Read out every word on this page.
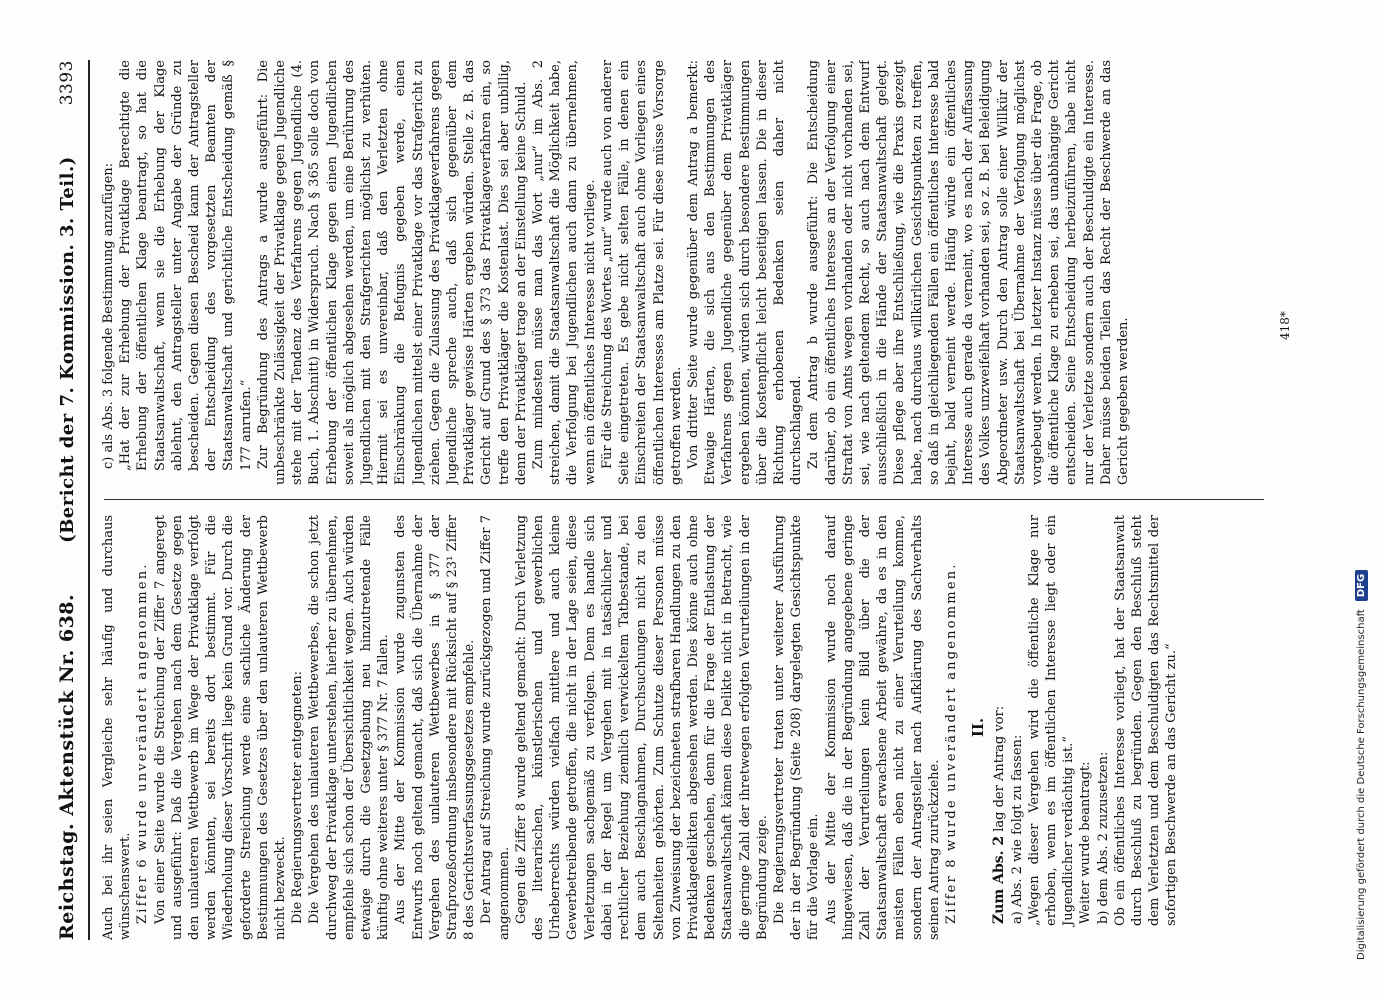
Reichstag. Aktenstück Nr. 638.
(Bericht der 7. Kommission. 3. Teil.)
3393

Auch bei ihr seien Vergleiche sehr häufig und durchaus wünschenswert. Ziffer 6 wurde unverändert angenommen. Von einer Seite wurde die Streichung der Ziffer 7 angeregt und ausgeführt: Daß die Vergehen nach dem Gesetze gegen den unlauteren Wettbewerb im Wege der Privatklage verfolgt werden könnten, sei bereits dort bestimmt. Für die Wiederholung dieser Vorschrift liege kein Grund vor. Durch die geforderte Streichung werde eine sachliche Änderung der Bestimmungen des Gesetzes über den unlauteren Wettbewerb nicht bezweckt. Die Regierungsvertreter entgegneten: Die Vergehen des unlauteren Wettbewerbes, die schon jetzt durchweg der Privatklage unterstehen, hierher zu übernehmen, empfehle sich schon der Übersichtlichkeit wegen. Auch würden etwaige durch die Gesetzgebung neu hinzutretende Fälle künftig ohne weiteres unter § 377 Nr. 7 fallen. Aus der Mitte der Kommission wurde zugunsten des Entwurfs noch geltend gemacht, daß sich die Übernahme der Vergehen des unlauteren Wettbewerbes in § 377 der Strafprozeßordnung insbesondere mit Rücksicht auf § 23¹ Ziffer 8 des Gerichtsverfassungsgesetzes empfehle. Der Antrag auf Streichung wurde zurückgezogen und Ziffer 7 angenommen. Gegen die Ziffer 8 wurde geltend gemacht: Durch Verletzung des literarischen, künstlerischen und gewerblichen Urheberrechts würden vielfach mittlere und auch kleine Gewerbetreibende getroffen, die nicht in der Lage seien, diese Verletzungen sachgemäß zu verfolgen. Denn es handle sich dabei in der Regel um Vergehen mit in tatsächlicher und rechtlicher Beziehung ziemlich verwickeltem Tatbestande, bei dem auch Beschlagnahmen, Durchsuchungen nicht zu den Seltenheiten gehörten. Zum Schutze dieser Personen müsse von Zuweisung der bezeichneten strafbaren Handlungen zu den Privatklagedelikten abgesehen werden. Dies könne auch ohne Bedenken geschehen, denn für die Frage der Entlastung der Staatsanwaltschaft kämen diese Delikte nicht in Betracht, wie die geringe Zahl der ihretwegen erfolgten Verurteilungen in der Begründung zeige. Die Regierungsvertreter traten unter weiterer Ausführung der in der Begründung (Seite 208) dargelegten Gesichtspunkte für die Vorlage ein. Aus der Mitte der Kommission wurde noch darauf hingewiesen, daß die in der Begründung angegebene geringe Zahl der Verurteilungen kein Bild über die der Staatsanwaltschaft erwachsene Arbeit gewähre, da es in den meisten Fällen eben nicht zu einer Verurteilung komme, sondern der Antragsteller nach Aufklärung des Sachverhalts seinen Antrag zurückziehe. Ziffer 8 wurde unverändert angenommen. II.

Zum Abs. 2 lag der Antrag vor: a) Abs. 2 wie folgt zu fassen: „Wegen dieser Vergehen wird die öffentliche Klage nur erhoben, wenn es im öffentlichen Interesse liegt oder ein Jugendlicher verdächtig ist.“ Weiter wurde beantragt: b) dem Abs. 2 zuzusetzen: Ob ein öffentliches Interesse vorliegt, hat der Staatsanwalt durch Beschluß zu begründen. Gegen den Beschluß steht dem Verletzten und dem Beschuldigten das Rechtsmittel der sofortigen Beschwerde an das Gericht zu.“

c) als Abs. 3 folgende Bestimmung anzufügen: „Hat der zur Erhebung der Privatklage Berechtigte die Erhebung der öffentlichen Klage beantragt, so hat die Staatsanwaltschaft, wenn sie die Erhebung der Klage ablehnt, den Antragsteller unter Angabe der Gründe zu bescheiden. Gegen diesen Bescheid kann der Antragsteller der Entscheidung des vorgesetzten Beamten der Staatsanwaltschaft und gerichtliche Entscheidung gemäß § 177 anrufen.“ Zur Begründung des Antrags a wurde ausgeführt: Die unbeschränkte Zulässigkeit der Privatklage gegen Jugendliche stehe mit der Tendenz des Verfahrens gegen Jugendliche (4. Buch, 1. Abschnitt) in Widerspruch. Nach § 365 solle doch von Erhebung der öffentlichen Klage gegen einen Jugendlichen soweit als möglich abgesehen werden, um eine Berührung des Jugendlichen mit den Strafgerichten möglichst zu verhüten. Hiermit sei es unvereinbar, daß den Verletzten ohne Einschränkung die Befugnis gegeben werde, einen Jugendlichen mittelst einer Privatklage vor das Strafgericht zu ziehen. Gegen die Zulassung des Privatklageverfahrens gegen Jugendliche spreche auch, daß sich gegenüber dem Privatkläger gewisse Härten ergeben würden. Stelle z. B. das Gericht auf Grund des § 373 das Privatklageverfahren ein, so treffe den Privatkläger die Kostenlast. Dies sei aber unbillig, denn der Privatkläger trage an der Einstellung keine Schuld. Zum mindesten müsse man das Wort „nur“ im Abs. 2 streichen, damit die Staatsanwaltschaft die Möglichkeit habe, die Verfolgung bei Jugendlichen auch dann zu übernehmen, wenn ein öffentliches Interesse nicht vorliege. Für die Streichung des Wortes „nur“ wurde auch von anderer Seite eingetreten. Es gebe nicht selten Fälle, in denen ein Einschreiten der Staatsanwaltschaft auch ohne Vorliegen eines öffentlichen Interesses am Platze sei. Für diese müsse Vorsorge getroffen werden. Von dritter Seite wurde gegenüber dem Antrag a bemerkt: Etwaige Härten, die sich aus den Bestimmungen des Verfahrens gegen Jugendliche gegenüber dem Privatkläger ergeben könnten, würden sich durch besondere Bestimmungen über die Kostenpflicht leicht beseitigen lassen. Die in dieser Richtung erhobenen Bedenken seien daher nicht durchschlagend. Zu dem Antrag b wurde ausgeführt: Die Entscheidung darüber, ob ein öffentliches Interesse an der Verfolgung einer Straftat von Amts wegen vorhanden oder nicht vorhanden sei, sei, wie nach geltendem Recht, so auch nach dem Entwurf ausschließlich in die Hände der Staatsanwaltschaft gelegt. Diese pflege aber ihre Entschließung, wie die Praxis gezeigt habe, nach durchaus willkürlichen Gesichtspunkten zu treffen, so daß in gleichliegenden Fällen ein öffentliches Interesse bald bejaht, bald verneint werde. Häufig würde ein öffentliches Interesse auch gerade da verneint, wo es nach der Auffassung des Volkes unzweifelhaft vorhanden sei, so z. B. bei Beleidigung Abgeordneter usw. Durch den Antrag solle einer Willkür der Staatsanwaltschaft bei Übernahme der Verfolgung möglichst vorgebeugt werden. In letzter Instanz müsse über die Frage, ob die öffentliche Klage zu erheben sei, das unabhängige Gericht entscheiden. Seine Entscheidung herbeizuführen, habe nicht nur der Verletzte sondern auch der Beschuldigte ein Interesse. Daher müsse beiden Teilen das Recht der Beschwerde an das Gericht gegeben werden.	418*
Digitalisierung gefördert durch die Deutsche Forschungsgemeinschaft
DFG
